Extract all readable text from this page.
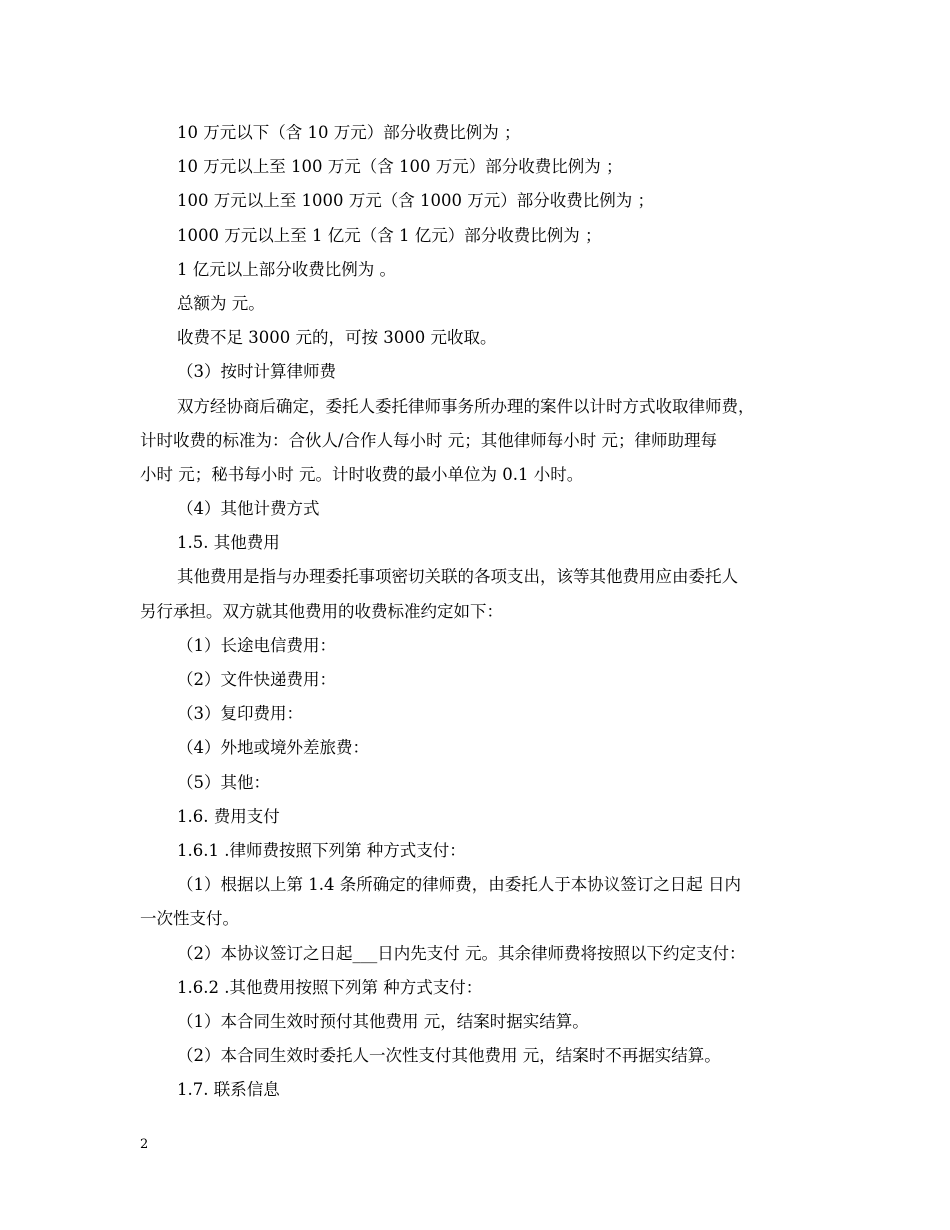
10 万元以下（含 10 万元）部分收费比例为 ；
10 万元以上至 100 万元（含 100 万元）部分收费比例为 ；
100 万元以上至 1000 万元（含 1000 万元）部分收费比例为 ；
1000 万元以上至 1 亿元（含 1 亿元）部分收费比例为 ；
1 亿元以上部分收费比例为 。
总额为 元。
收费不足 3000 元的，可按 3000 元收取。
（3）按时计算律师费
双方经协商后确定，委托人委托律师事务所办理的案件以计时方式收取律师费，
计时收费的标准为：合伙人/合作人每小时 元；其他律师每小时 元；律师助理每
小时 元；秘书每小时 元。计时收费的最小单位为 0.1 小时。
（4）其他计费方式
1.5. 其他费用
其他费用是指与办理委托事项密切关联的各项支出，该等其他费用应由委托人
另行承担。双方就其他费用的收费标准约定如下：
（1）长途电信费用：
（2）文件快递费用：
（3）复印费用：
（4）外地或境外差旅费：
（5）其他：
1.6. 费用支付
1.6.1 .律师费按照下列第 种方式支付：
（1）根据以上第 1.4 条所确定的律师费，由委托人于本协议签订之日起 日内
一次性支付。
（2）本协议签订之日起___日内先支付 元。其余律师费将按照以下约定支付：
1.6.2 .其他费用按照下列第 种方式支付：
（1）本合同生效时预付其他费用 元，结案时据实结算。
（2）本合同生效时委托人一次性支付其他费用 元，结案时不再据实结算。
1.7. 联系信息
2
